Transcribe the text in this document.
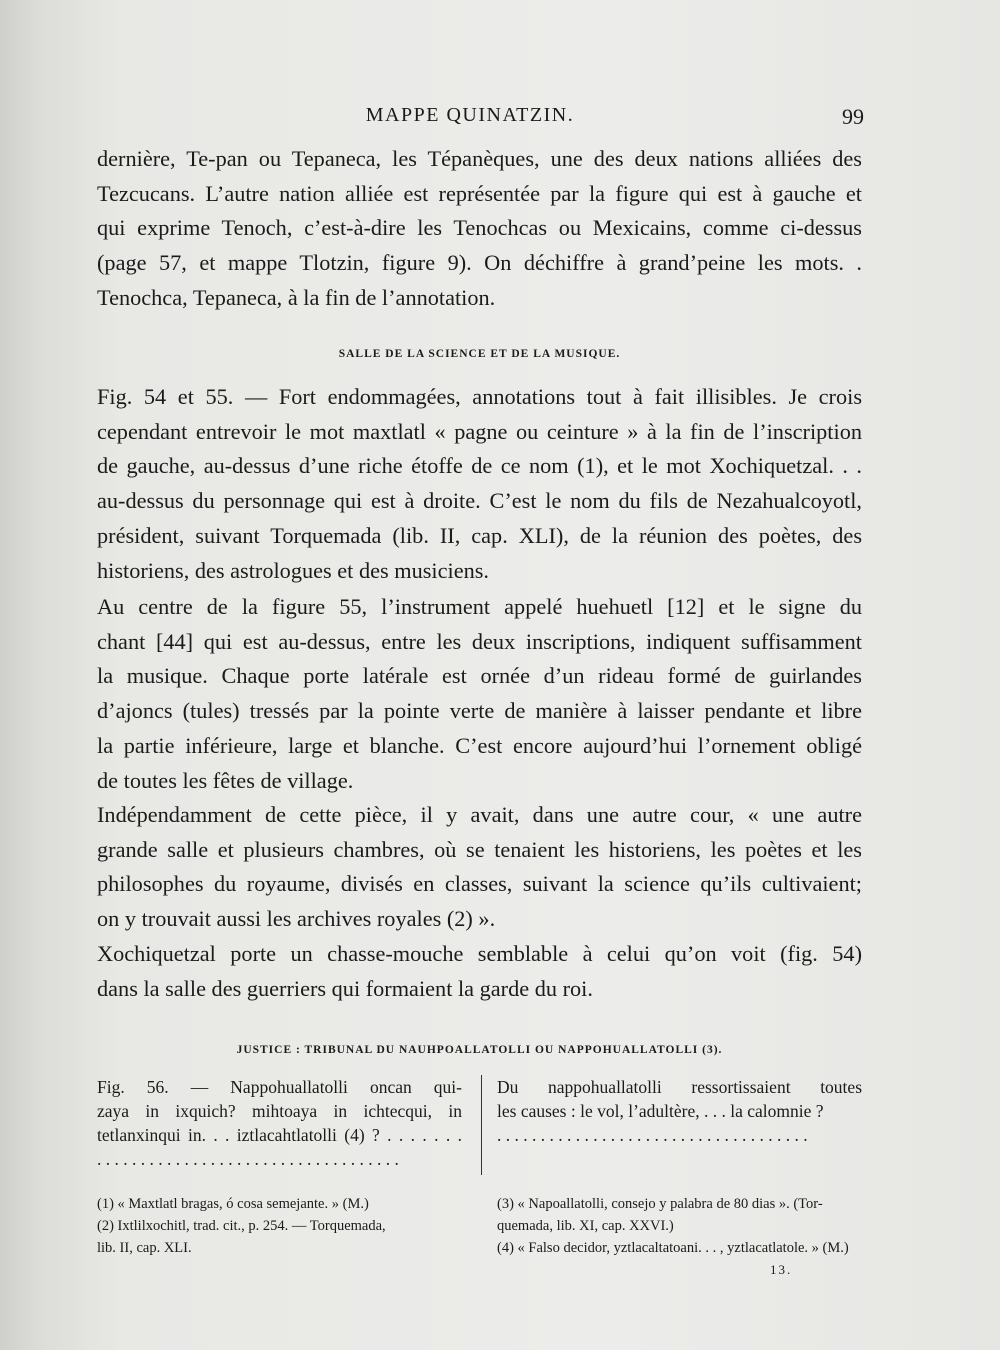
MAPPE QUINATZIN.	99
dernière, Te-pan ou Tepaneca, les Tépanèques, une des deux nations alliées des
Tezcucans. L’autre nation alliée est représentée par la figure qui est à gauche et
qui exprime Tenoch, c’est-à-dire les Tenochcas ou Mexicains, comme ci-dessus
(page 57, et mappe Tlotzin, figure 9). On déchiffre à grand’peine les mots. .
Tenochca, Tepaneca, à la fin de l’annotation.
SALLE DE LA SCIENCE ET DE LA MUSIQUE.
Fig. 54 et 55. — Fort endommagées, annotations tout à fait illisibles. Je crois
cependant entrevoir le mot maxtlatl « pagne ou ceinture » à la fin de l’inscription
de gauche, au-dessus d’une riche étoffe de ce nom (1), et le mot Xochiquetzal. . .
au-dessus du personnage qui est à droite. C’est le nom du fils de Nezahualcoyotl,
président, suivant Torquemada (lib. II, cap. XLI), de la réunion des poètes, des
historiens, des astrologues et des musiciens.
Au centre de la figure 55, l’instrument appelé huehuetl [12] et le signe du
chant [44] qui est au-dessus, entre les deux inscriptions, indiquent suffisamment
la musique. Chaque porte latérale est ornée d’un rideau formé de guirlandes
d’ajoncs (tules) tressés par la pointe verte de manière à laisser pendante et libre
la partie inférieure, large et blanche. C’est encore aujourd’hui l’ornement obligé
de toutes les fêtes de village.
Indépendamment de cette pièce, il y avait, dans une autre cour, « une autre
grande salle et plusieurs chambres, où se tenaient les historiens, les poètes et les
philosophes du royaume, divisés en classes, suivant la science qu’ils cultivaient;
on y trouvait aussi les archives royales (2) ».
Xochiquetzal porte un chasse-mouche semblable à celui qu’on voit (fig. 54)
dans la salle des guerriers qui formaient la garde du roi.
JUSTICE : TRIBUNAL DU NAUHPOALLATOLLI OU NAPPOHUALLATOLLI (3).
Fig. 56. — Nappohuallatolli oncan qui-
zaya in ixquich? mihtoaya in ichtecqui, in
tetlanxinqui in. . . iztlacahtlatolli (4) ? . . . . . . .
. . . . . . . . . . . . . . . . . . . . . . . . . . . . . . . . . . .
Du nappohuallatolli ressortissaient toutes
les causes : le vol, l’adultère, . . . la calomnie ?
. . . . . . . . . . . . . . . . . . . . . . . . . . . . . . . . . . . .
(1) « Maxtlatl bragas, ó cosa semejante. » (M.)
(2) Ixtlilxochitl, trad. cit., p. 254. — Torquemada,
lib. II, cap. XLI.
(3) « Napoallatolli, consejo y palabra de 80 dias ». (Tor-
quemada, lib. XI, cap. XXVI.)
(4) « Falso decidor, yztlacaltatoani. . . , yztlacatlatole. » (M.)
13.
